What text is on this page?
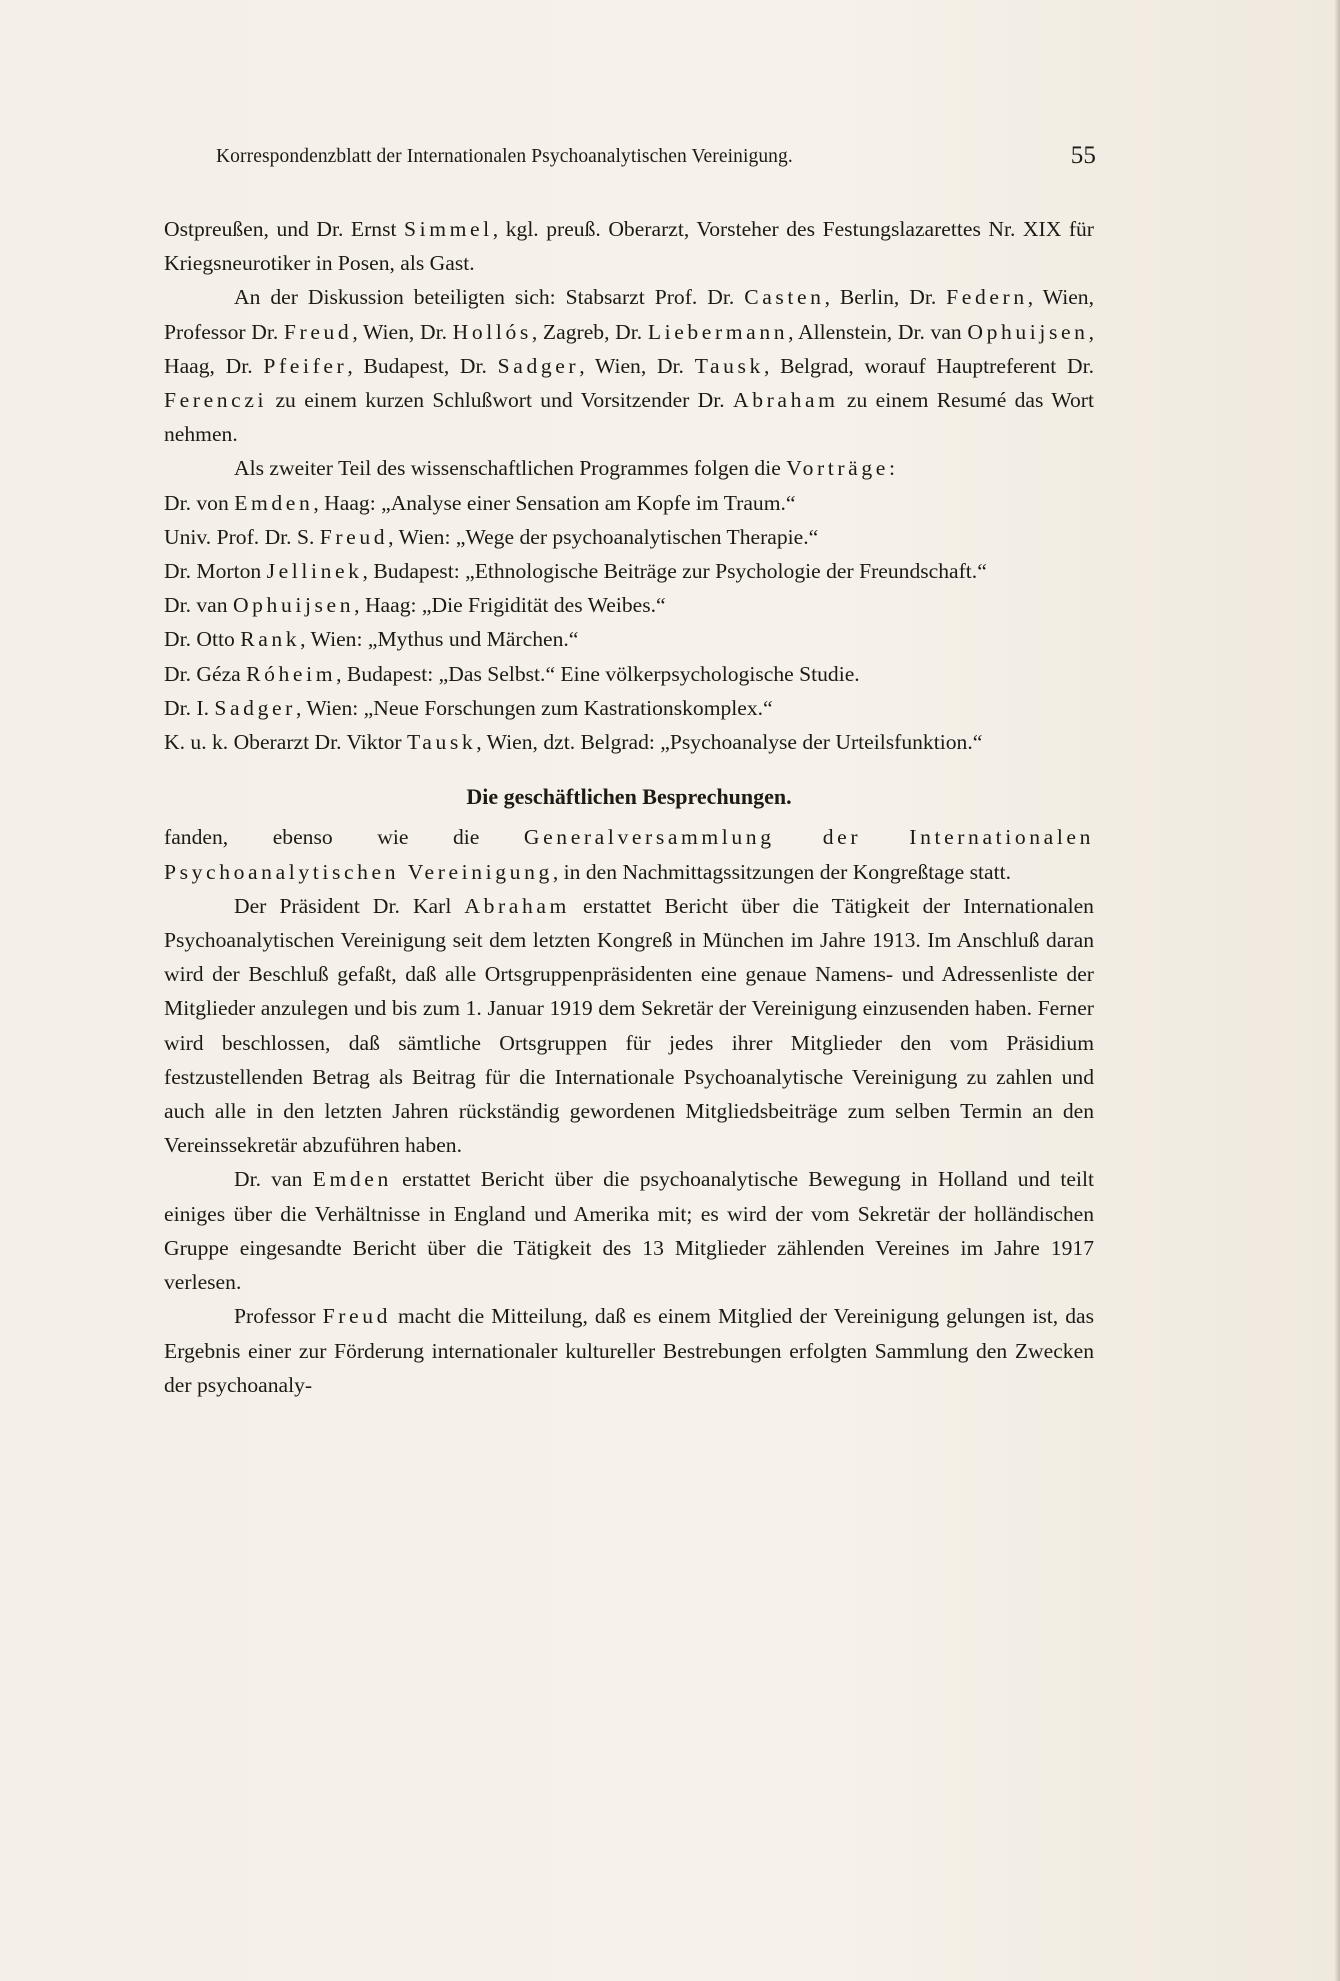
Korrespondenzblatt der Internationalen Psychoanalytischen Vereinigung.	55

Ostpreußen, und Dr. Ernst Simmel, kgl. preuß. Oberarzt, Vorsteher des Festungslazarettes Nr. XIX für Kriegsneurotiker in Posen, als Gast.

An der Diskussion beteiligten sich: Stabsarzt Prof. Dr. Casten, Berlin, Dr. Federn, Wien, Professor Dr. Freud, Wien, Dr. Hollós, Zagreb, Dr. Liebermann, Allenstein, Dr. van Ophuijsen, Haag, Dr. Pfeifer, Budapest, Dr. Sadger, Wien, Dr. Tausk, Belgrad, worauf Hauptreferent Dr. Ferenczi zu einem kurzen Schlußwort und Vorsitzender Dr. Abraham zu einem Resumé das Wort nehmen.

Als zweiter Teil des wissenschaftlichen Programmes folgen die Vorträge:

Dr. von Emden, Haag: „Analyse einer Sensation am Kopfe im Traum.“

Univ. Prof. Dr. S. Freud, Wien: „Wege der psychoanalytischen Therapie.“

Dr. Morton Jellinek, Budapest: „Ethnologische Beiträge zur Psychologie der Freundschaft.“

Dr. van Ophuijsen, Haag: „Die Frigidität des Weibes.“

Dr. Otto Rank, Wien: „Mythus und Märchen.“

Dr. Géza Róheim, Budapest: „Das Selbst.“ Eine völkerpsychologische Studie.

Dr. I. Sadger, Wien: „Neue Forschungen zum Kastrationskomplex.“

K. u. k. Oberarzt Dr. Viktor Tausk, Wien, dzt. Belgrad: „Psychoanalyse der Urteilsfunktion.“

Die geschäftlichen Besprechungen.

fanden, ebenso wie die Generalversammlung der Internationalen Psychoanalytischen Vereinigung, in den Nachmittagssitzungen der Kongreßtage statt.

Der Präsident Dr. Karl Abraham erstattet Bericht über die Tätigkeit der Internationalen Psychoanalytischen Vereinigung seit dem letzten Kongreß in München im Jahre 1913. Im Anschluß daran wird der Beschluß gefaßt, daß alle Ortsgruppenpräsidenten eine genaue Namens- und Adressenliste der Mitglieder anzulegen und bis zum 1. Januar 1919 dem Sekretär der Vereinigung einzusenden haben. Ferner wird beschlossen, daß sämtliche Ortsgruppen für jedes ihrer Mitglieder den vom Präsidium festzustellenden Betrag als Beitrag für die Internationale Psychoanalytische Vereinigung zu zahlen und auch alle in den letzten Jahren rückständig gewordenen Mitgliedsbeiträge zum selben Termin an den Vereinssekretär abzuführen haben.

Dr. van Emden erstattet Bericht über die psychoanalytische Bewegung in Holland und teilt einiges über die Verhältnisse in England und Amerika mit; es wird der vom Sekretär der holländischen Gruppe eingesandte Bericht über die Tätigkeit des 13 Mitglieder zählenden Vereines im Jahre 1917 verlesen.

Professor Freud macht die Mitteilung, daß es einem Mitglied der Vereinigung gelungen ist, das Ergebnis einer zur Förderung internationaler kultureller Bestrebungen erfolgten Sammlung den Zwecken der psychoanaly-
